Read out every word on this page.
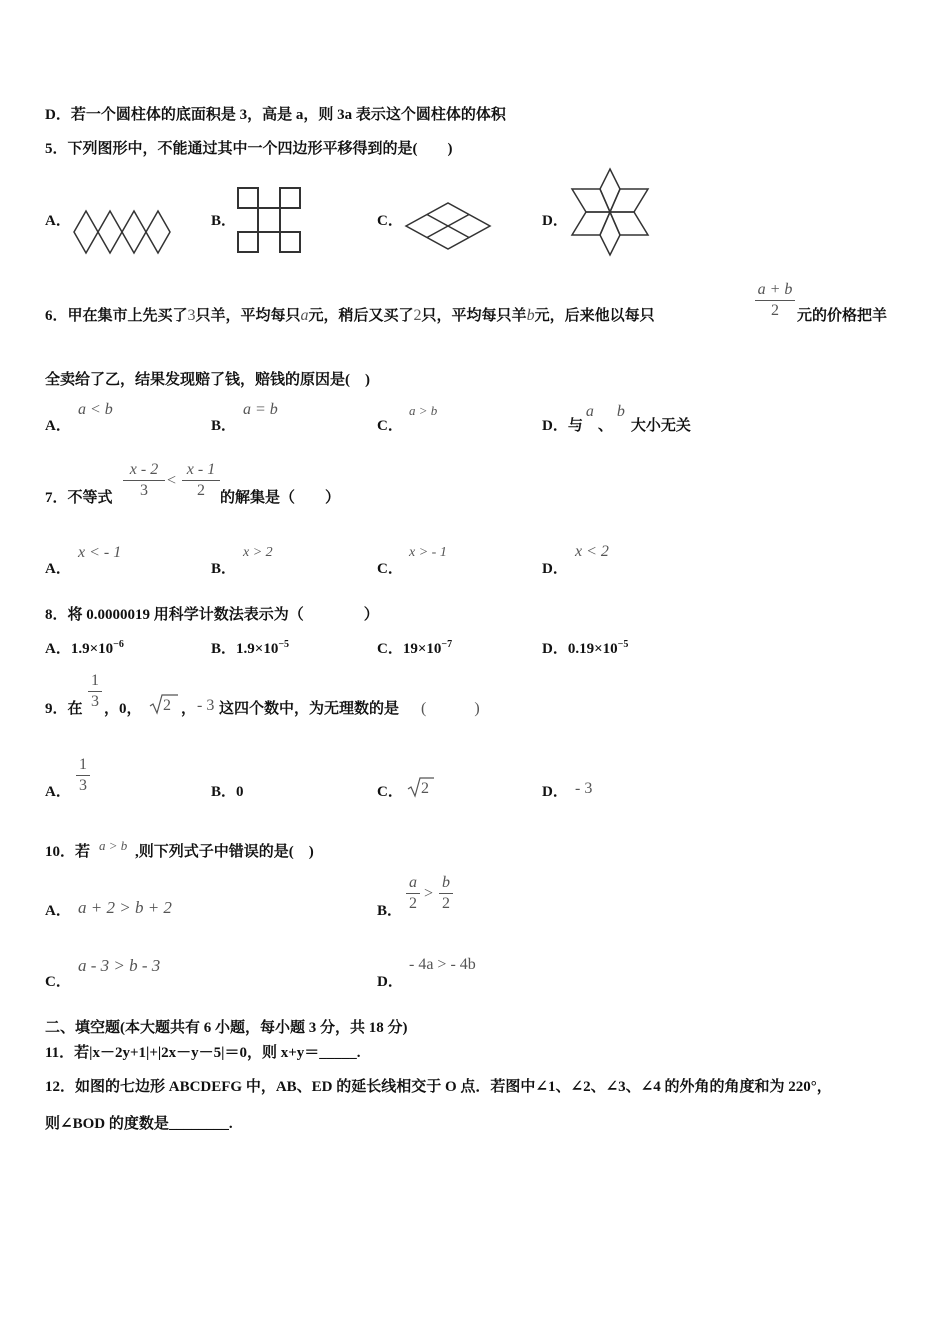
D．若一个圆柱体的底面积是 3，高是 a，则 3a 表示这个圆柱体的体积
5．下列图形中，不能通过其中一个四边形平移得到的是(　　)
A．	B．	C．	D．
6．甲在集市上先买了3只羊，平均每只a元，稍后又买了2只，平均每只羊b元，后来他以每只
a + b
2	元的价格把羊
全卖给了乙，结果发现赔了钱，赔钱的原因是(　)
A．
a < b
B．
a = b
C．
a > b
D．与a、b大小无关
7．不等式
x - 2
3
<
x - 1
2	的解集是（　　）
A．
x < - 1
B．
x > 2
C．
x > - 1
D．
x < 2
8．将 0.0000019 用科学计数法表示为（　　　　）
A．$1.9\times 10^{-6}$	B．$1.9\times 10^{-5}$	C．$19\times 10^{-7}$	D．$0.19\times 10^{-5}$
9．在
1
3 ，0， 2 ， - 3 这四个数中，为无理数的是 (　　　)
A．
1
3	B．0	C． 2	D． - 3
10．若 a > b ,则下列式子中错误的是(　)
A． a + 2 > b + 2	B．
a
2
>
b
2
C．
a - 3 > b - 3
D．
- 4a > - 4b
二、填空题(本大题共有 6 小题，每小题 3 分，共 18 分)
11．若|x－2y+1|+|2x－y－5|＝0，则 x+y＝_____.
12．如图的七边形 ABCDEFG 中，AB、ED 的延长线相交于 O 点．若图中∠1、∠2、∠3、∠4 的外角的角度和为 220°，
则∠BOD 的度数是________.
